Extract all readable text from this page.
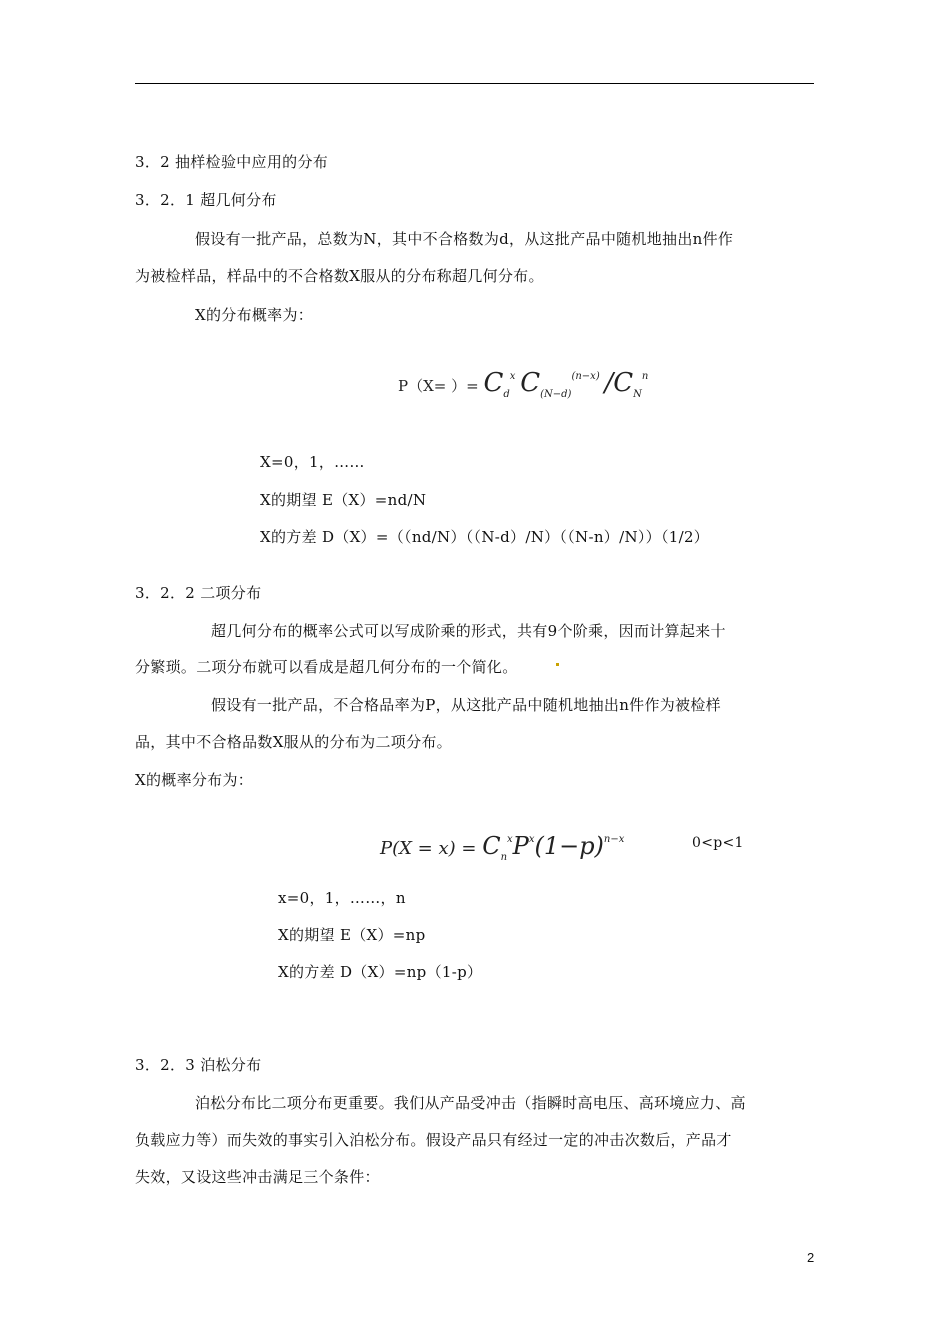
3．2 抽样检验中应用的分布
3．2．1 超几何分布
假设有一批产品，总数为N，其中不合格数为d，从这批产品中随机地抽出n件作
为被检样品，样品中的不合格数X服从的分布称超几何分布。
X的分布概率为：
P（X= ）= $C_d^x$ $C_{(N-d)}^{(n-x)}$ $/C_N^n$
X=0，1，……
X的期望 E（X）=nd/N
X的方差 D（X）=（（nd/N）（（N-d）/N）（（N-n）/N））（1/2）
3．2．2 二项分布
超几何分布的概率公式可以写成阶乘的形式，共有9个阶乘，因而计算起来十
分繁琐。二项分布就可以看成是超几何分布的一个简化。
假设有一批产品，不合格品率为P，从这批产品中随机地抽出n件作为被检样
品，其中不合格品数X服从的分布为二项分布。
X的概率分布为：
$P(X = x) = C_n^xP^x(1-p)^{n-x}$	0<p<1
x=0，1，……，n
X的期望 E（X）=np
X的方差 D（X）=np（1-p）
3．2．3 泊松分布
泊松分布比二项分布更重要。我们从产品受冲击（指瞬时高电压、高环境应力、高
负载应力等）而失效的事实引入泊松分布。假设产品只有经过一定的冲击次数后，产品才
失效，又设这些冲击满足三个条件：
2
